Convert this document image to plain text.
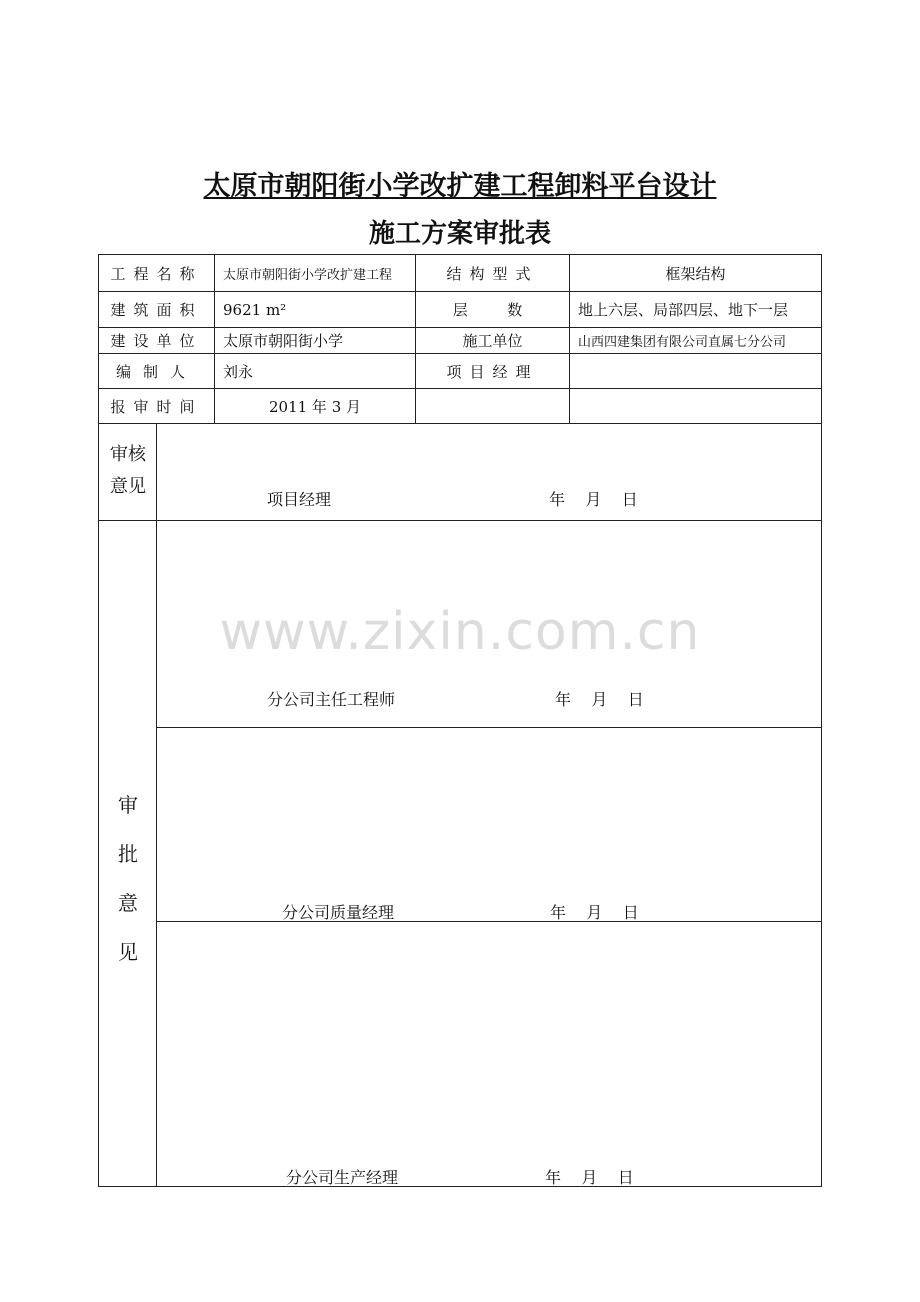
太原市朝阳街小学改扩建工程卸料平台设计
施工方案审批表
工程名称	太原市朝阳街小学改扩建工程	结构型式	框架结构
建筑面积	9621 m²	层  数	地上六层、局部四层、地下一层
建设单位	太原市朝阳街小学	施工单位	山西四建集团有限公司直属七分公司
编制人	刘永	项目经理
报审时间	2011 年 3 月
审核意见
项目经理	年    月    日
审批意见
分公司主任工程师	年    月    日
分公司质量经理	年    月    日
分公司生产经理	年    月    日
www.zixin.com.cn
